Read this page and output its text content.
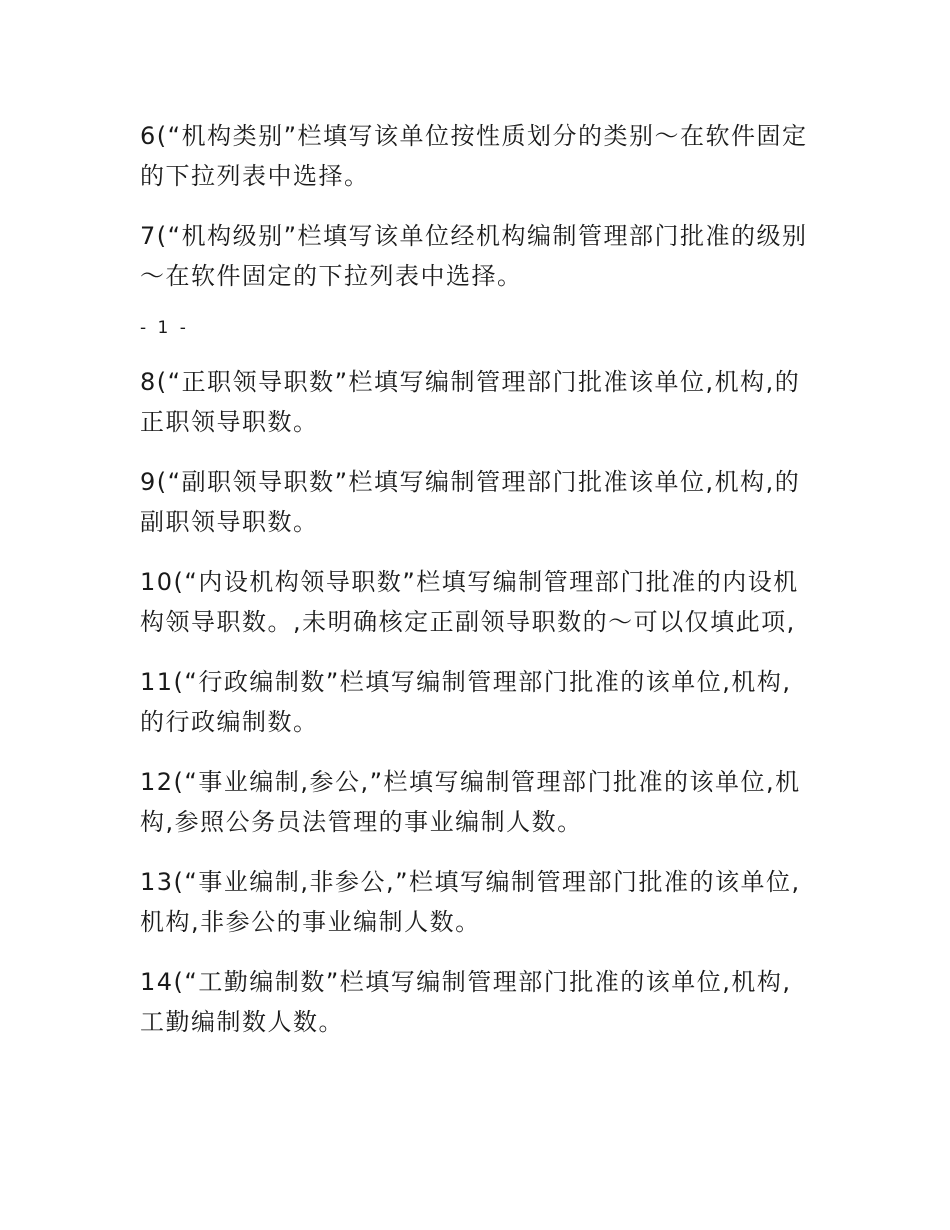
6(“机构类别”栏填写该单位按性质划分的类别～在软件固定的下拉列表中选择。

7(“机构级别”栏填写该单位经机构编制管理部门批准的级别～在软件固定的下拉列表中选择。

- 1 -

8(“正职领导职数”栏填写编制管理部门批准该单位,机构,的正职领导职数。

9(“副职领导职数”栏填写编制管理部门批准该单位,机构,的副职领导职数。

10(“内设机构领导职数”栏填写编制管理部门批准的内设机构领导职数。,未明确核定正副领导职数的～可以仅填此项,

11(“行政编制数”栏填写编制管理部门批准的该单位,机构,的行政编制数。

12(“事业编制,参公,”栏填写编制管理部门批准的该单位,机构,参照公务员法管理的事业编制人数。

13(“事业编制,非参公,”栏填写编制管理部门批准的该单位,机构,非参公的事业编制人数。

14(“工勤编制数”栏填写编制管理部门批准的该单位,机构,工勤编制数人数。
